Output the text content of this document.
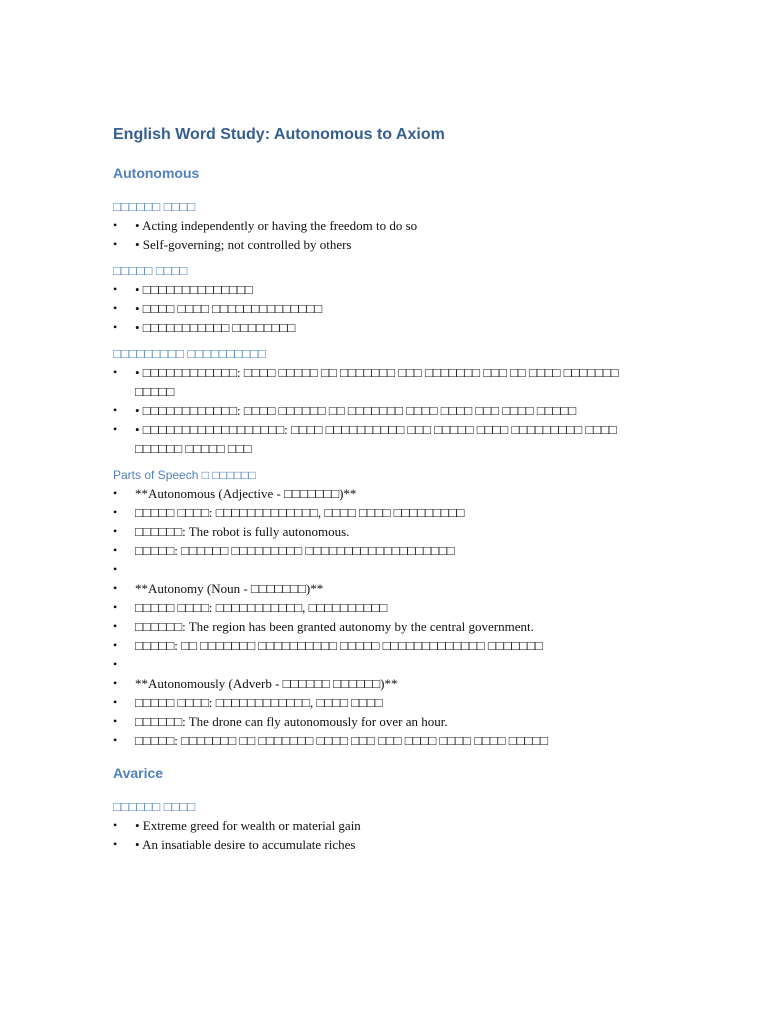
English Word Study: Autonomous to Axiom
Autonomous
□□□□□□ □□□□
•	• Acting independently or having the freedom to do so
•	• Self-governing; not controlled by others
□□□□□ □□□□
•	• □□□□□□□□□□□□□□
•	• □□□□ □□□□ □□□□□□□□□□□□□□
•	• □□□□□□□□□□□ □□□□□□□□
□□□□□□□□□ □□□□□□□□□□
•	• □□□□□□□□□□□□: □□□□ □□□□□ □□ □□□□□□□ □□□ □□□□□□□ □□□ □□ □□□□ □□□□□□□ □□□□□
•	• □□□□□□□□□□□□: □□□□ □□□□□□ □□ □□□□□□□ □□□□ □□□□ □□□ □□□□ □□□□□
•	• □□□□□□□□□□□□□□□□□□: □□□□ □□□□□□□□□□ □□□ □□□□□ □□□□ □□□□□□□□□ □□□□ □□□□□□ □□□□□ □□□
Parts of Speech □ □□□□□□
•	**Autonomous (Adjective - □□□□□□□)**
•	□□□□□ □□□□: □□□□□□□□□□□□□, □□□□ □□□□ □□□□□□□□□
•	□□□□□□: The robot is fully autonomous.
•	□□□□□: □□□□□□ □□□□□□□□□ □□□□□□□□□□□□□□□□□□□
•
•	**Autonomy (Noun - □□□□□□□)**
•	□□□□□ □□□□: □□□□□□□□□□□, □□□□□□□□□□
•	□□□□□□: The region has been granted autonomy by the central government.
•	□□□□□: □□ □□□□□□□ □□□□□□□□□□ □□□□□ □□□□□□□□□□□□□ □□□□□□□
•
•	**Autonomously (Adverb - □□□□□□ □□□□□□)**
•	□□□□□ □□□□: □□□□□□□□□□□□, □□□□ □□□□
•	□□□□□□: The drone can fly autonomously for over an hour.
•	□□□□□: □□□□□□□ □□ □□□□□□□ □□□□ □□□ □□□ □□□□ □□□□ □□□□ □□□□□
Avarice
□□□□□□ □□□□
•	• Extreme greed for wealth or material gain
•	• An insatiable desire to accumulate riches
